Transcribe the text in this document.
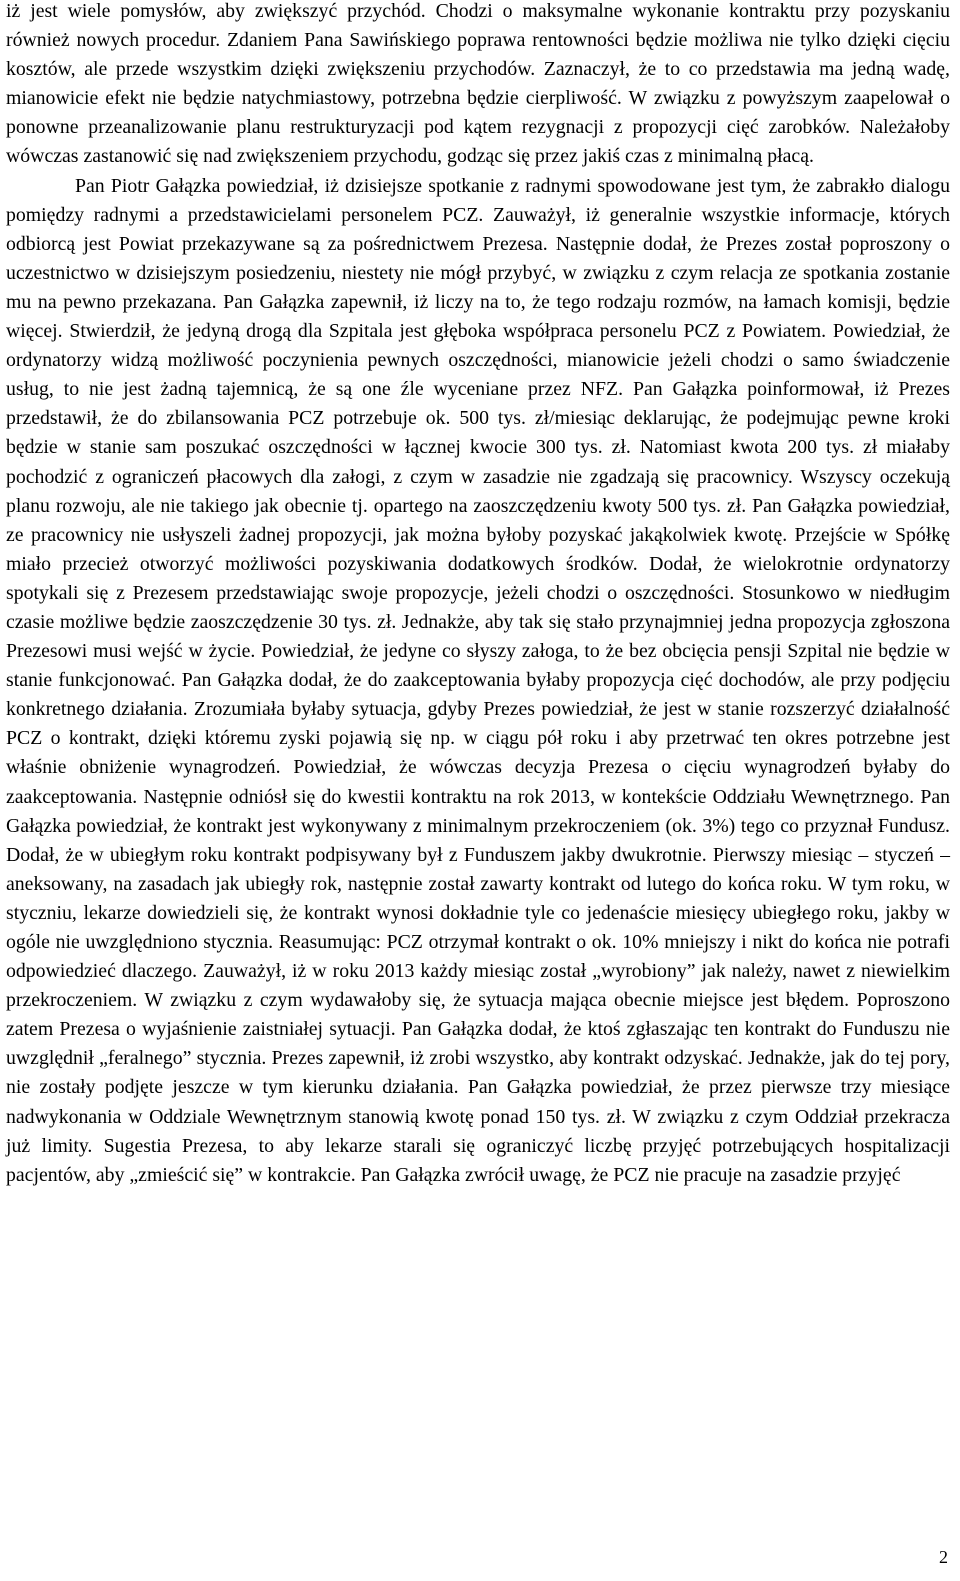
iż jest wiele pomysłów, aby zwiększyć przychód. Chodzi o maksymalne wykonanie kontraktu przy pozyskaniu również nowych procedur. Zdaniem Pana Sawińskiego poprawa rentowności będzie możliwa nie tylko dzięki cięciu kosztów, ale przede wszystkim dzięki zwiększeniu przychodów. Zaznaczył, że to co przedstawia ma jedną wadę, mianowicie efekt nie będzie natychmiastowy, potrzebna będzie cierpliwość. W związku z powyższym zaapelował o ponowne przeanalizowanie planu restrukturyzacji pod kątem rezygnacji z propozycji cięć zarobków. Należałoby wówczas zastanowić się nad zwiększeniem przychodu, godząc się przez jakiś czas z minimalną płacą.

Pan Piotr Gałązka powiedział, iż dzisiejsze spotkanie z radnymi spowodowane jest tym, że zabrakło dialogu pomiędzy radnymi a przedstawicielami personelem PCZ. Zauważył, iż generalnie wszystkie informacje, których odbiorcą jest Powiat przekazywane są za pośrednictwem Prezesa. Następnie dodał, że Prezes został poproszony o uczestnictwo w dzisiejszym posiedzeniu, niestety nie mógł przybyć, w związku z czym relacja ze spotkania zostanie mu na pewno przekazana. Pan Gałązka zapewnił, iż liczy na to, że tego rodzaju rozmów, na łamach komisji, będzie więcej. Stwierdził, że jedyną drogą dla Szpitala jest głęboka współpraca personelu PCZ z Powiatem. Powiedział, że ordynatorzy widzą możliwość poczynienia pewnych oszczędności, mianowicie jeżeli chodzi o samo świadczenie usług, to nie jest żadną tajemnicą, że są one źle wyceniane przez NFZ. Pan Gałązka poinformował, iż Prezes przedstawił, że do zbilansowania PCZ potrzebuje ok. 500 tys. zł/miesiąc deklarując, że podejmując pewne kroki będzie w stanie sam poszukać oszczędności w łącznej kwocie 300 tys. zł. Natomiast kwota 200 tys. zł miałaby pochodzić z ograniczeń płacowych dla załogi, z czym w zasadzie nie zgadzają się pracownicy. Wszyscy oczekują planu rozwoju, ale nie takiego jak obecnie tj. opartego na zaoszczędzeniu kwoty 500 tys. zł. Pan Gałązka powiedział, ze pracownicy nie usłyszeli żadnej propozycji, jak można byłoby pozyskać jakąkolwiek kwotę. Przejście w Spółkę miało przecież otworzyć możliwości pozyskiwania dodatkowych środków. Dodał, że wielokrotnie ordynatorzy spotykali się z Prezesem przedstawiając swoje propozycje, jeżeli chodzi o oszczędności. Stosunkowo w niedługim czasie możliwe będzie zaoszczędzenie 30 tys. zł. Jednakże, aby tak się stało przynajmniej jedna propozycja zgłoszona Prezesowi musi wejść w życie. Powiedział, że jedyne co słyszy załoga, to że bez obcięcia pensji Szpital nie będzie w stanie funkcjonować. Pan Gałązka dodał, że do zaakceptowania byłaby propozycja cięć dochodów, ale przy podjęciu konkretnego działania. Zrozumiała byłaby sytuacja, gdyby Prezes powiedział, że jest w stanie rozszerzyć działalność PCZ o kontrakt, dzięki któremu zyski pojawią się np. w ciągu pół roku i aby przetrwać ten okres potrzebne jest właśnie obniżenie wynagrodzeń. Powiedział, że wówczas decyzja Prezesa o cięciu wynagrodzeń byłaby do zaakceptowania. Następnie odniósł się do kwestii kontraktu na rok 2013, w kontekście Oddziału Wewnętrznego. Pan Gałązka powiedział, że kontrakt jest wykonywany z minimalnym przekroczeniem (ok. 3%) tego co przyznał Fundusz. Dodał, że w ubiegłym roku kontrakt podpisywany był z Funduszem jakby dwukrotnie. Pierwszy miesiąc – styczeń – aneksowany, na zasadach jak ubiegły rok, następnie został zawarty kontrakt od lutego do końca roku. W tym roku, w styczniu, lekarze dowiedzieli się, że kontrakt wynosi dokładnie tyle co jedenaście miesięcy ubiegłego roku, jakby w ogóle nie uwzględniono stycznia. Reasumując: PCZ otrzymał kontrakt o ok. 10% mniejszy i nikt do końca nie potrafi odpowiedzieć dlaczego. Zauważył, iż w roku 2013 każdy miesiąc został „wyrobiony” jak należy, nawet z niewielkim przekroczeniem. W związku z czym wydawałoby się, że sytuacja mająca obecnie miejsce jest błędem. Poproszono zatem Prezesa o wyjaśnienie zaistniałej sytuacji. Pan Gałązka dodał, że ktoś zgłaszając ten kontrakt do Funduszu nie uwzględnił „feralnego” stycznia. Prezes zapewnił, iż zrobi wszystko, aby kontrakt odzyskać. Jednakże, jak do tej pory, nie zostały podjęte jeszcze w tym kierunku działania. Pan Gałązka powiedział, że przez pierwsze trzy miesiące nadwykonania w Oddziale Wewnętrznym stanowią kwotę ponad 150 tys. zł. W związku z czym Oddział przekracza już limity. Sugestia Prezesa, to aby lekarze starali się ograniczyć liczbę przyjęć potrzebujących hospitalizacji pacjentów, aby „zmieścić się” w kontrakcie. Pan Gałązka zwrócił uwagę, że PCZ nie pracuje na zasadzie przyjęć

2
